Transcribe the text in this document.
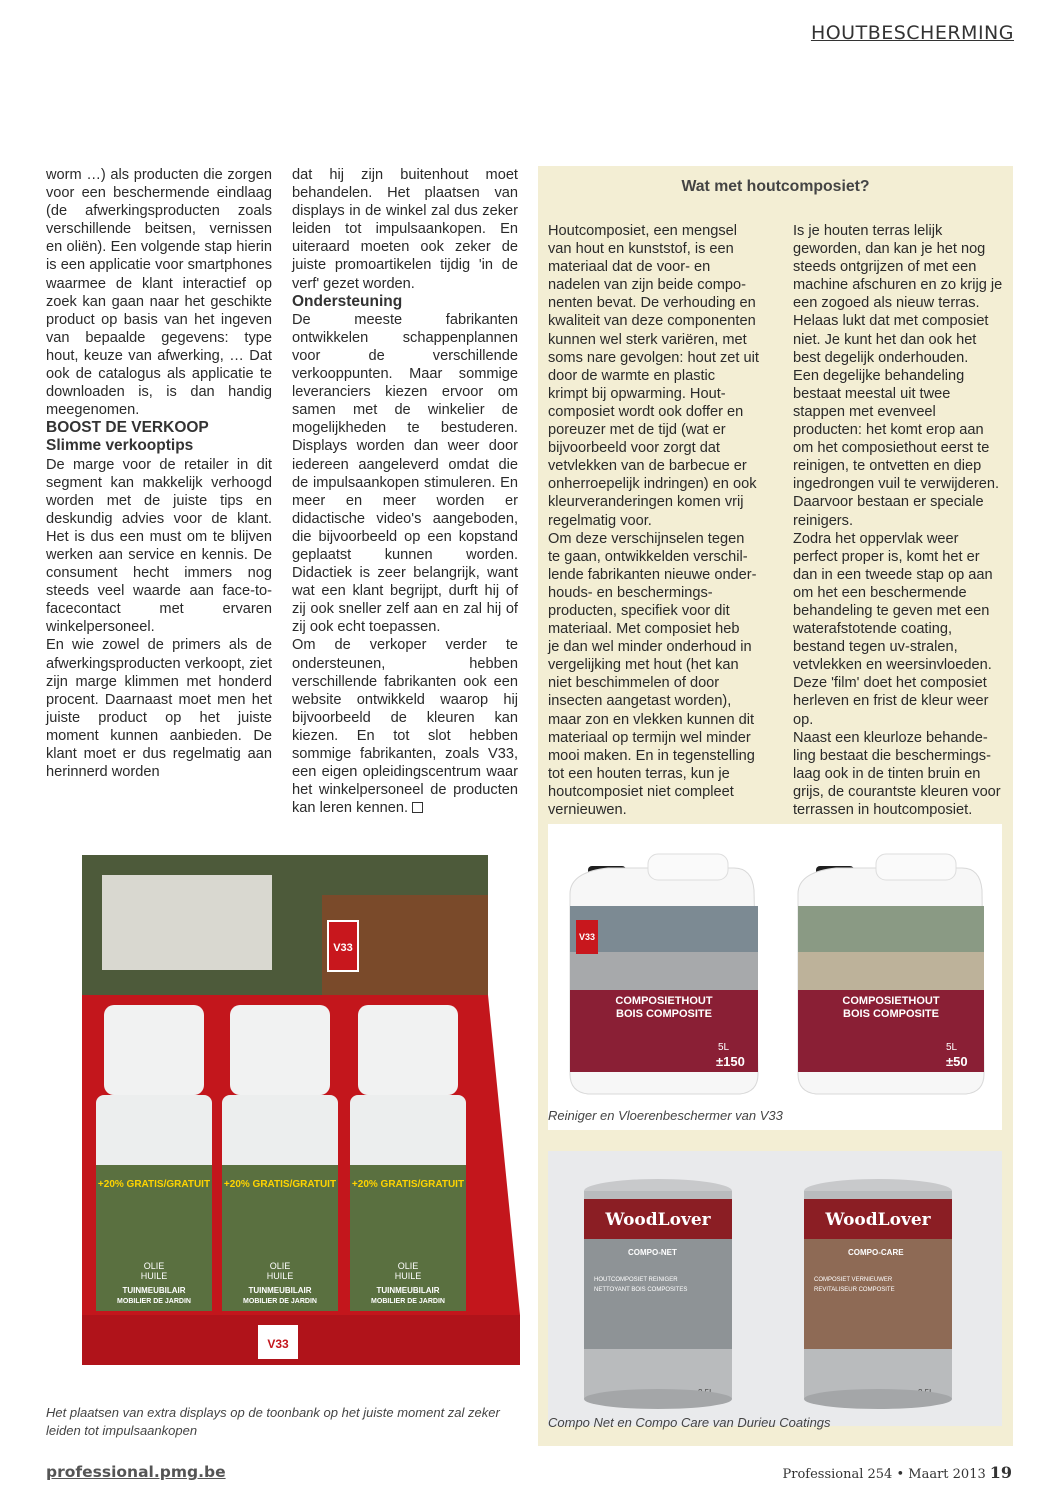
HOUTBESCHERMING

worm …) als producten die zorgen voor een beschermende eindlaag (de afwerkingsproducten zoals verschillende beitsen, vernissen en oliën). Een volgende stap hierin is een applicatie voor smartphones waarmee de klant interactief op zoek kan gaan naar het geschikte product op basis van het ingeven van bepaalde gegevens: type hout, keuze van afwerking, … Dat ook de catalogus als applicatie te downloaden is, is dan handig meegenomen.

BOOST DE VERKOOP

Slimme verkooptips

De marge voor de retailer in dit segment kan makkelijk verhoogd worden met de juiste tips en deskundig advies voor de klant. Het is dus een must om te blijven werken aan service en kennis. De consument hecht immers nog steeds veel waarde aan face-to-facecontact met ervaren winkelpersoneel.

En wie zowel de primers als de afwerkingsproducten verkoopt, ziet zijn marge klimmen met honderd procent. Daarnaast moet men het juiste product op het juiste moment kunnen aanbieden. De klant moet er dus regelmatig aan herinnerd worden

dat hij zijn buitenhout moet behandelen. Het plaatsen van displays in de winkel zal dus zeker leiden tot impulsaankopen. En uiteraard moeten ook zeker de juiste promoartikelen tijdig 'in de verf' gezet worden.

Ondersteuning

De meeste fabrikanten ontwikkelen schappenplannen voor de verschillende verkooppunten. Maar sommige leveranciers kiezen ervoor om samen met de winkelier de mogelijkheden te bestuderen. Displays worden dan weer door iedereen aangeleverd omdat die de impulsaankopen stimuleren. En meer en meer worden er didactische video's aangeboden, die bijvoorbeeld op een kopstand geplaatst kunnen worden. Didactiek is zeer belangrijk, want wat een klant begrijpt, durft hij of zij ook sneller zelf aan en zal hij of zij ook echt toepassen.

Om de verkoper verder te ondersteunen, hebben verschillende fabrikanten ook een website ontwikkeld waarop hij bijvoorbeeld de kleuren kan kiezen. En tot slot hebben sommige fabrikanten, zoals V33, een eigen opleidingscentrum waar het winkelpersoneel de producten kan leren kennen.

Wat met houtcomposiet?

Houtcomposiet, een mengsel

van hout en kunststof, is een

materiaal dat de voor- en

nadelen van zijn beide compo-

nenten bevat. De verhouding en

kwaliteit van deze componenten

kunnen wel sterk variëren, met

soms nare gevolgen: hout zet uit

door de warmte en plastic

krimpt bij opwarming. Hout-

composiet wordt ook doffer en

poreuzer met de tijd (wat er

bijvoorbeeld voor zorgt dat

vetvlekken van de barbecue er

onherroepelijk indringen) en ook

kleurveranderingen komen vrij

regelmatig voor.

Om deze verschijnselen tegen

te gaan, ontwikkelden verschil-

lende fabrikanten nieuwe onder-

houds- en beschermings-

producten, specifiek voor dit

materiaal. Met composiet heb

je dan wel minder onderhoud in

vergelijking met hout (het kan

niet beschimmelen of door

insecten aangetast worden),

maar zon en vlekken kunnen dit

materiaal op termijn wel minder

mooi maken. En in tegenstelling

tot een houten terras, kun je

houtcomposiet niet compleet

vernieuwen.

Is je houten terras lelijk

geworden, dan kan je het nog

steeds ontgrijzen of met een

machine afschuren en zo krijg je

een zogoed als nieuw terras.

Helaas lukt dat met composiet

niet. Je kunt het dan ook het

best degelijk onderhouden.

Een degelijke behandeling

bestaat meestal uit twee

stappen met evenveel

producten: het komt erop aan

om het composiethout eerst te

reinigen, te ontvetten en diep

ingedrongen vuil te verwijderen.

Daarvoor bestaan er speciale

reinigers.

Zodra het oppervlak weer

perfect proper is, komt het er

dan in een tweede stap op aan

om het een beschermende

behandeling te geven met een

waterafstotende coating,

bestand tegen uv-stralen,

vetvlekken en weersinvloeden.

Deze 'film' doet het composiet

herleven en frist de kleur weer

op.

Naast een kleurloze behande-

ling bestaat die beschermings-

laag ook in de tinten bruin en

grijs, de courantste kleuren voor

terrassen in houtcomposiet.

V33
COMPOSIETHOUT
BOIS COMPOSITE
5L
±150
COMPOSIETHOUT
BOIS COMPOSITE
5L
±50
Reiniger en Vloerenbeschermer van V33
WoodLover
COMPO-NET
HOUTCOMPOSIET REINIGER
NETTOYANT BOIS COMPOSITES
WoodLover
COMPO-CARE
COMPOSIET VERNIEUWER
REVITALISEUR COMPOSITE
Compo Net en Compo Care van Durieu Coatings
V33
V33
+20% GRATIS/GRATUIT
OLIE
HUILE
TUINMEUBILAIR
MOBILIER DE JARDIN
+20% GRATIS/GRATUIT
OLIE
HUILE
TUINMEUBILAIR
MOBILIER DE JARDIN
+20% GRATIS/GRATUIT
OLIE
HUILE
TUINMEUBILAIR
MOBILIER DE JARDIN
Het plaatsen van extra displays op de toonbank op het juiste moment zal zeker leiden tot impulsaankopen
professional.pmg.be	Professional 254 • Maart 2013 19
